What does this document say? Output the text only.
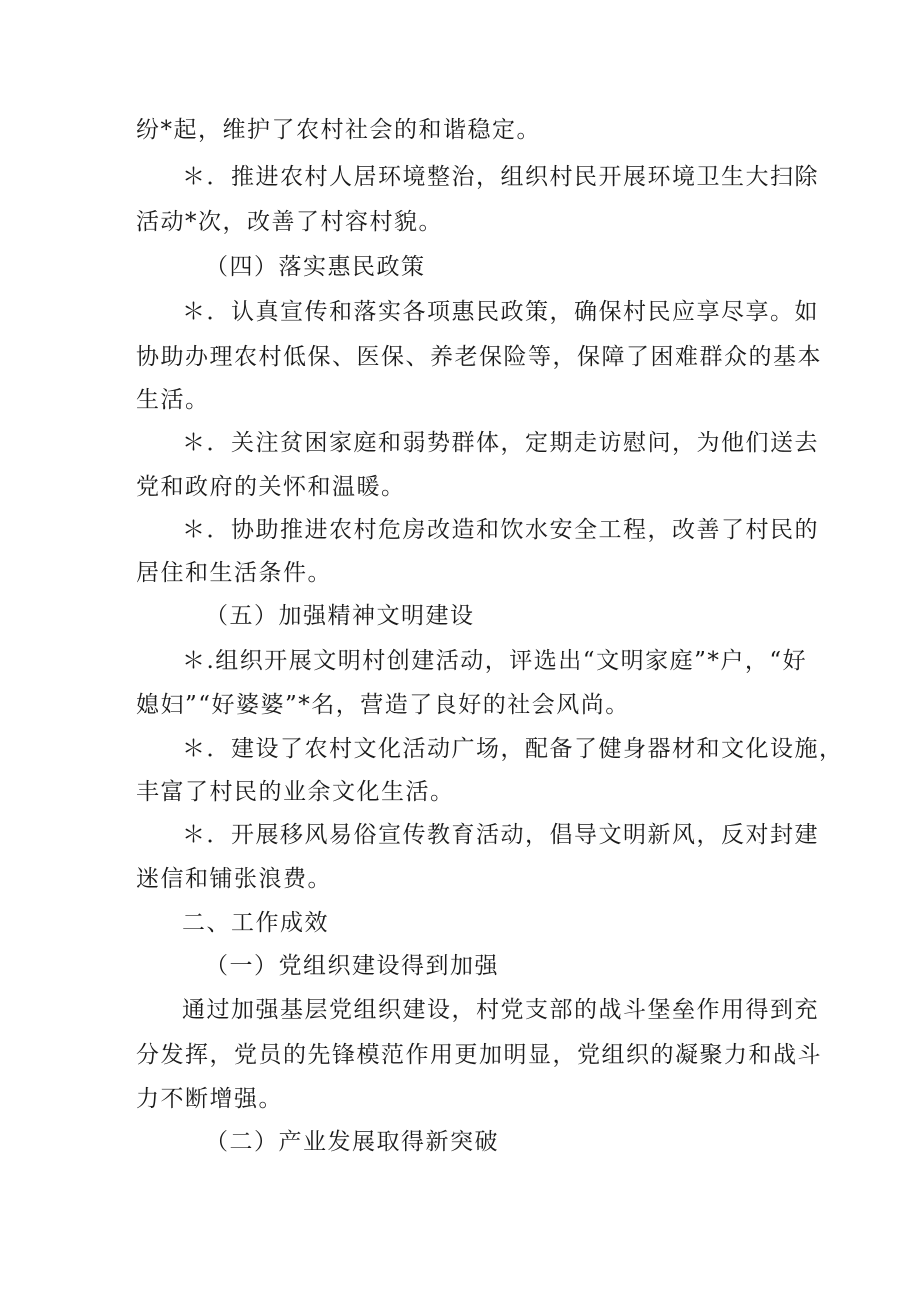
纷*起，维护了农村社会的和谐稳定。
＊．推进农村人居环境整治，组织村民开展环境卫生大扫除
活动*次，改善了村容村貌。
（四）落实惠民政策
＊．认真宣传和落实各项惠民政策，确保村民应享尽享。如
协助办理农村低保、医保、养老保险等，保障了困难群众的基本
生活。
＊．关注贫困家庭和弱势群体，定期走访慰问，为他们送去
党和政府的关怀和温暖。
＊．协助推进农村危房改造和饮水安全工程，改善了村民的
居住和生活条件。
（五）加强精神文明建设
＊.组织开展文明村创建活动，评选出“文明家庭”*户，“好
媳妇”“好婆婆”*名，营造了良好的社会风尚。
＊．建设了农村文化活动广场，配备了健身器材和文化设施，
丰富了村民的业余文化生活。
＊．开展移风易俗宣传教育活动，倡导文明新风，反对封建
迷信和铺张浪费。
二、工作成效
（一）党组织建设得到加强
通过加强基层党组织建设，村党支部的战斗堡垒作用得到充
分发挥，党员的先锋模范作用更加明显，党组织的凝聚力和战斗
力不断增强。
（二）产业发展取得新突破
